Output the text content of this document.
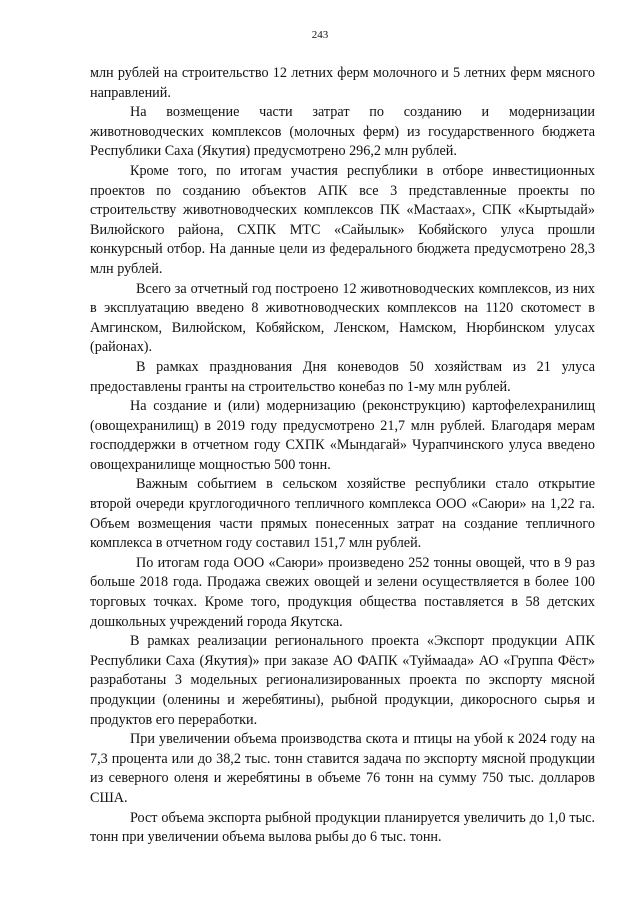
243

млн рублей на строительство 12 летних ферм молочного и 5 летних ферм мясного направлений.

На возмещение части затрат по созданию и модернизации животноводческих комплексов (молочных ферм) из государственного бюджета Республики Саха (Якутия) предусмотрено 296,2 млн рублей.

Кроме того, по итогам участия республики в отборе инвестиционных проектов по созданию объектов АПК все 3 представленные проекты по строительству животноводческих комплексов ПК «Мастаах», СПК «Кыртыдай» Вилюйского района, СХПК МТС «Сайылык» Кобяйского улуса прошли конкурсный отбор. На данные цели из федерального бюджета предусмотрено 28,3 млн рублей.

Всего за отчетный год построено 12 животноводческих комплексов, из них в эксплуатацию введено 8 животноводческих комплексов на 1120 скотомест в Амгинском, Вилюйском, Кобяйском, Ленском, Намском, Нюрбинском улусах (районах).

В рамках празднования Дня коневодов 50 хозяйствам из 21 улуса предоставлены гранты на строительство конебаз по 1-му млн рублей.

На создание и (или) модернизацию (реконструкцию) картофелехранилищ (овощехранилищ) в 2019 году предусмотрено 21,7 млн рублей. Благодаря мерам господдержки в отчетном году СХПК «Мындагай» Чурапчинского улуса введено овощехранилище мощностью 500 тонн.

Важным событием в сельском хозяйстве республики стало открытие второй очереди круглогодичного тепличного комплекса ООО «Саюри» на 1,22 га. Объем возмещения части прямых понесенных затрат на создание тепличного комплекса в отчетном году составил 151,7 млн рублей.

По итогам года ООО «Саюри» произведено 252 тонны овощей, что в 9 раз больше 2018 года. Продажа свежих овощей и зелени осуществляется в более 100 торговых точках. Кроме того, продукция общества поставляется в 58 детских дошкольных учреждений города Якутска.

В рамках реализации регионального проекта «Экспорт продукции АПК Республики Саха (Якутия)» при заказе АО ФАПК «Туймаада» АО «Группа Фёст» разработаны 3 модельных регионализированных проекта по экспорту мясной продукции (оленины и жеребятины), рыбной продукции, дикоросного сырья и продуктов его переработки.

При увеличении объема производства скота и птицы на убой к 2024 году на 7,3 процента или до 38,2 тыс. тонн ставится задача по экспорту мясной продукции из северного оленя и жеребятины в объеме 76 тонн на сумму 750 тыс. долларов США.

Рост объема экспорта рыбной продукции планируется увеличить до 1,0 тыс. тонн при увеличении объема вылова рыбы до 6 тыс. тонн.
